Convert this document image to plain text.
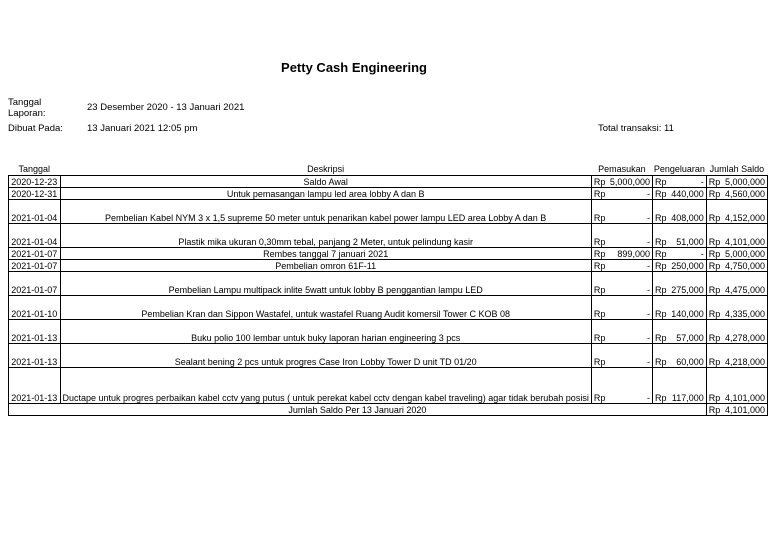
Petty Cash Engineering
Tanggal Laporan:
23 Desember 2020 - 13 Januari 2021
Dibuat Pada:	13 Januari 2021 12:05 pm	Total transaksi: 11
Tanggal	Deskripsi	Pemasukan		Pengeluaran		Jumlah Saldo	
2020-12-23	Saldo Awal	Rp	5,000,000	Rp	-	Rp	5,000,000
2020-12-31	Untuk pemasangan lampu led area lobby A dan B	Rp	-	Rp	440,000	Rp	4,560,000
2021-01-04	Pembelian Kabel NYM 3 x 1,5 supreme 50 meter untuk penarikan kabel power lampu LED area Lobby A dan B	Rp	-	Rp	408,000	Rp	4,152,000
2021-01-04	Plastik mika ukuran 0,30mm tebal, panjang 2 Meter, untuk pelindung kasir	Rp	-	Rp	51,000	Rp	4,101,000
2021-01-07	Rembes tanggal 7 januari 2021	Rp	899,000	Rp	-	Rp	5,000,000
2021-01-07	Pembelian omron 61F-11	Rp	-	Rp	250,000	Rp	4,750,000
2021-01-07	Pembelian Lampu multipack inlite 5watt untuk lobby B penggantian lampu LED	Rp	-	Rp	275,000	Rp	4,475,000
2021-01-10	Pembelian Kran dan Sippon Wastafel, untuk wastafel Ruang Audit komersil Tower C KOB 08	Rp	-	Rp	140,000	Rp	4,335,000
2021-01-13	Buku polio 100 lembar untuk buky laporan harian engineering 3 pcs	Rp	-	Rp	57,000	Rp	4,278,000
2021-01-13	Sealant bening 2 pcs untuk progres Case Iron Lobby Tower D unit TD 01/20	Rp	-	Rp	60,000	Rp	4,218,000
2021-01-13	Ductape untuk progres perbaikan kabel cctv yang putus ( untuk perekat kabel cctv dengan kabel traveling) agar tidak berubah posisi	Rp	-	Rp	117,000	Rp	4,101,000
Jumlah Saldo Per 13 Januari 2020						Rp	4,101,000
